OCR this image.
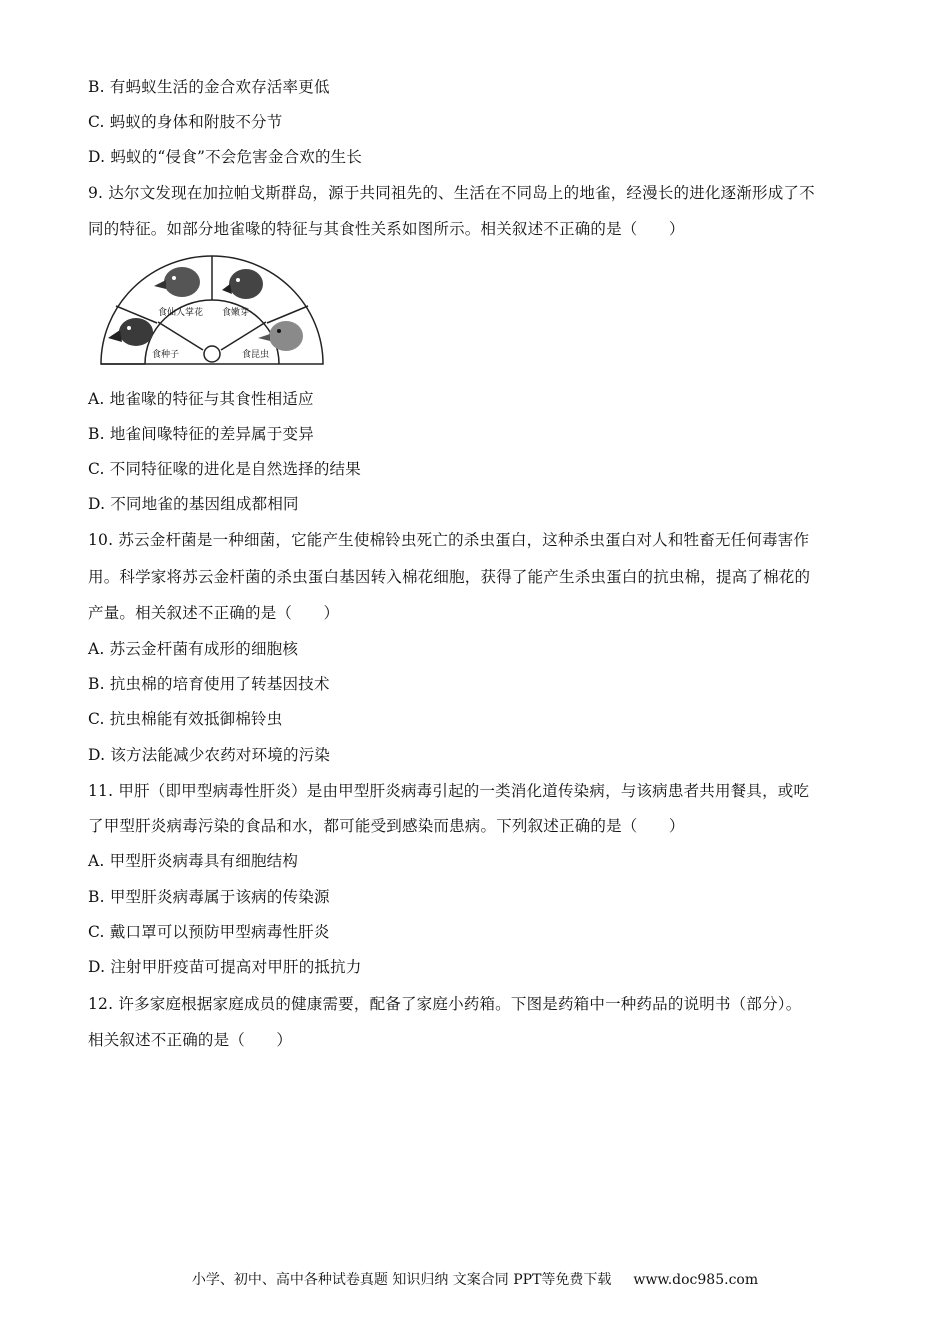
B. 有蚂蚁生活的金合欢存活率更低
C. 蚂蚁的身体和附肢不分节
D. 蚂蚁的“侵食”不会危害金合欢的生长
9. 达尔文发现在加拉帕戈斯群岛，源于共同祖先的、生活在不同岛上的地雀，经漫长的进化逐渐形成了不
同的特征。如部分地雀喙的特征与其食性关系如图所示。相关叙述不正确的是（　　）
食仙人掌花 食嫩芽
食种子	食昆虫
A. 地雀喙的特征与其食性相适应
B. 地雀间喙特征的差异属于变异
C. 不同特征喙的进化是自然选择的结果
D. 不同地雀的基因组成都相同
10. 苏云金杆菌是一种细菌，它能产生使棉铃虫死亡的杀虫蛋白，这种杀虫蛋白对人和牲畜无任何毒害作
用。科学家将苏云金杆菌的杀虫蛋白基因转入棉花细胞，获得了能产生杀虫蛋白的抗虫棉，提高了棉花的
产量。相关叙述不正确的是（　　）
A. 苏云金杆菌有成形的细胞核
B. 抗虫棉的培育使用了转基因技术
C. 抗虫棉能有效抵御棉铃虫
D. 该方法能减少农药对环境的污染
11. 甲肝（即甲型病毒性肝炎）是由甲型肝炎病毒引起的一类消化道传染病，与该病患者共用餐具，或吃
了甲型肝炎病毒污染的食品和水，都可能受到感染而患病。下列叙述正确的是（　　）
A. 甲型肝炎病毒具有细胞结构
B. 甲型肝炎病毒属于该病的传染源
C. 戴口罩可以预防甲型病毒性肝炎
D. 注射甲肝疫苗可提高对甲肝的抵抗力
12. 许多家庭根据家庭成员的健康需要，配备了家庭小药箱。下图是药箱中一种药品的说明书（部分）。
相关叙述不正确的是（　　）
小学、初中、高中各种试卷真题 知识归纳 文案合同 PPT等免费下载 www.doc985.com
